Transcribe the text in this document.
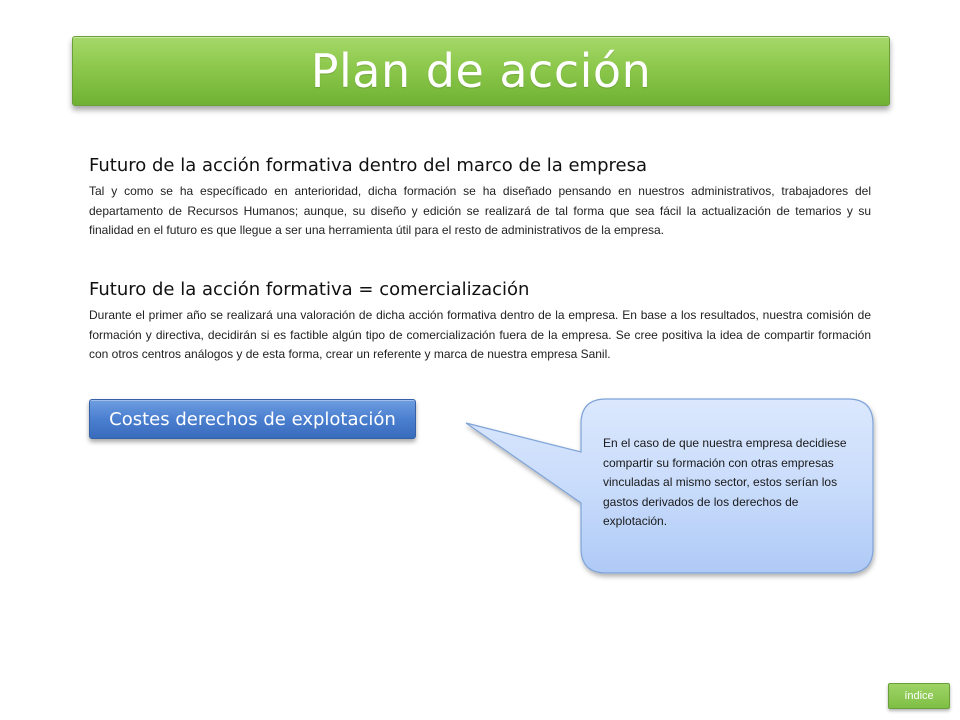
Plan de acción
Futuro de la acción formativa dentro del marco de la empresa

Tal y como se ha específicado en anterioridad, dicha formación se ha diseñado pensando en nuestros administrativos, trabajadores del departamento de Recursos Humanos; aunque, su diseño y edición se realizará de tal forma que sea fácil la actualización de temarios y su finalidad en el futuro es que llegue a ser una herramienta útil para el resto de administrativos de la empresa.

Futuro de la acción formativa = comercialización

Durante el primer año se realizará una valoración de dicha acción formativa dentro de la empresa. En base a los resultados, nuestra comisión de formación y directiva, decidirán si es factible algún tipo de comercialización fuera de la empresa. Se cree positiva la idea de compartir formación con otros centros análogos y de esta forma, crear un referente y marca de nuestra empresa Sanil.

Costes derechos de explotación
En el caso de que nuestra empresa decidiese compartir su formación con otras empresas vinculadas al mismo sector, estos serían los gastos derivados de los derechos de explotación.
índice
